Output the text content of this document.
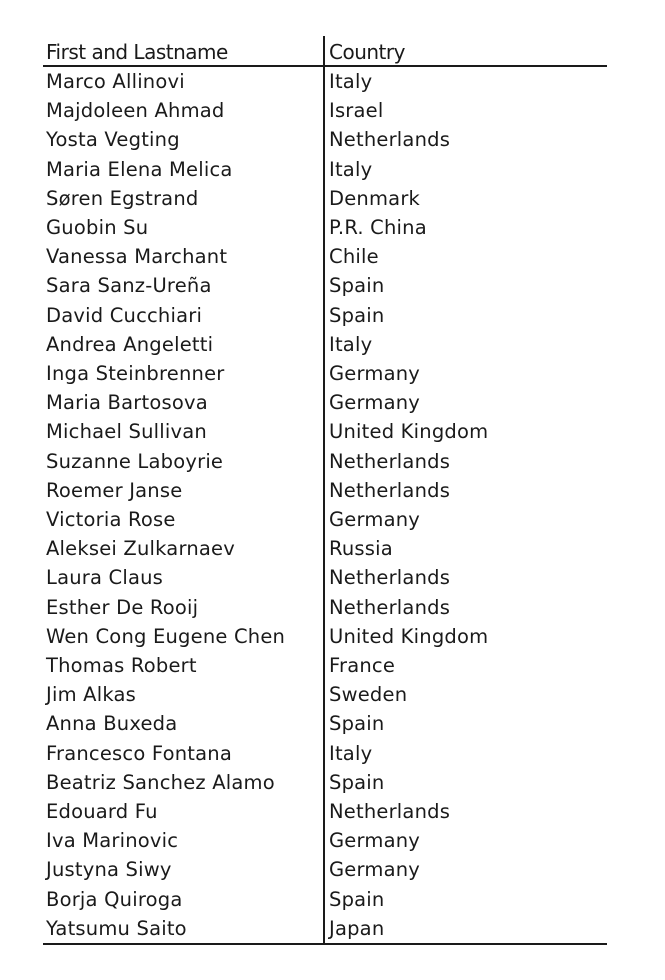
First and Lastname	Country
Marco Allinovi	Italy
Majdoleen Ahmad	Israel
Yosta Vegting	Netherlands
Maria Elena Melica	Italy
Søren Egstrand	Denmark
Guobin Su	P.R. China
Vanessa Marchant	Chile
Sara Sanz-Ureña	Spain
David Cucchiari	Spain
Andrea Angeletti	Italy
Inga Steinbrenner	Germany
Maria Bartosova	Germany
Michael Sullivan	United Kingdom
Suzanne Laboyrie	Netherlands
Roemer Janse	Netherlands
Victoria Rose	Germany
Aleksei Zulkarnaev	Russia
Laura Claus	Netherlands
Esther De Rooij	Netherlands
Wen Cong Eugene Chen	United Kingdom
Thomas Robert	France
Jim Alkas	Sweden
Anna Buxeda	Spain
Francesco Fontana	Italy
Beatriz Sanchez Alamo	Spain
Edouard Fu	Netherlands
Iva Marinovic	Germany
Justyna Siwy	Germany
Borja Quiroga	Spain
Yatsumu Saito	Japan
